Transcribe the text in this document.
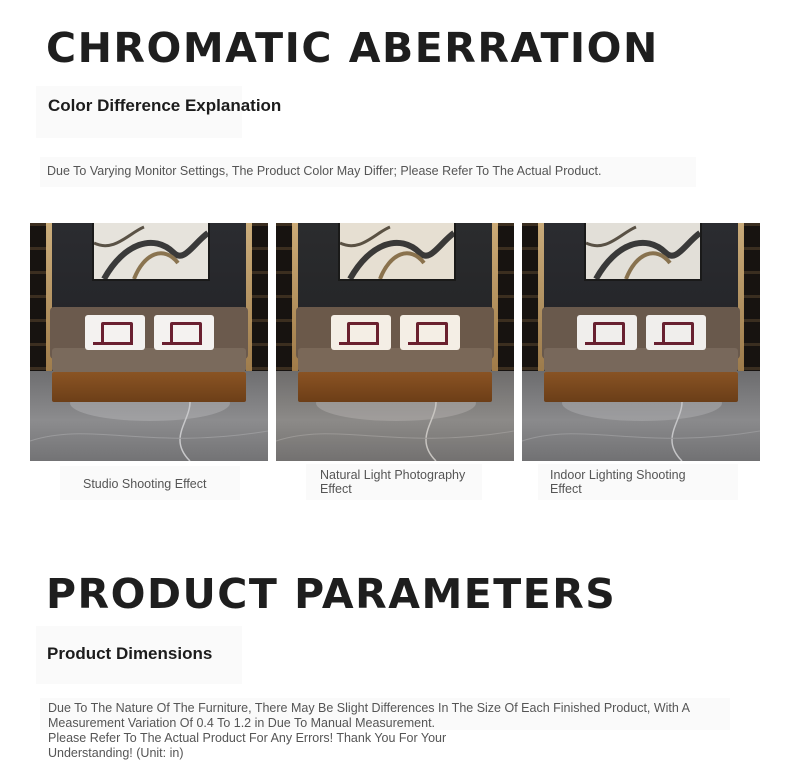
CHROMATIC ABERRATION
Color Difference Explanation
Due To Varying Monitor Settings, The Product Color May Differ; Please Refer To The Actual Product.
Studio Shooting Effect
Natural Light Photography
Effect
Indoor Lighting Shooting
Effect
PRODUCT PARAMETERS
Product Dimensions
Due To The Nature Of The Furniture, There May Be Slight Differences In The Size Of Each Finished Product, With A
Measurement Variation Of 0.4 To 1.2 in Due To Manual Measurement.
Please Refer To The Actual Product For Any Errors! Thank You For Your
Understanding! (Unit: in)
